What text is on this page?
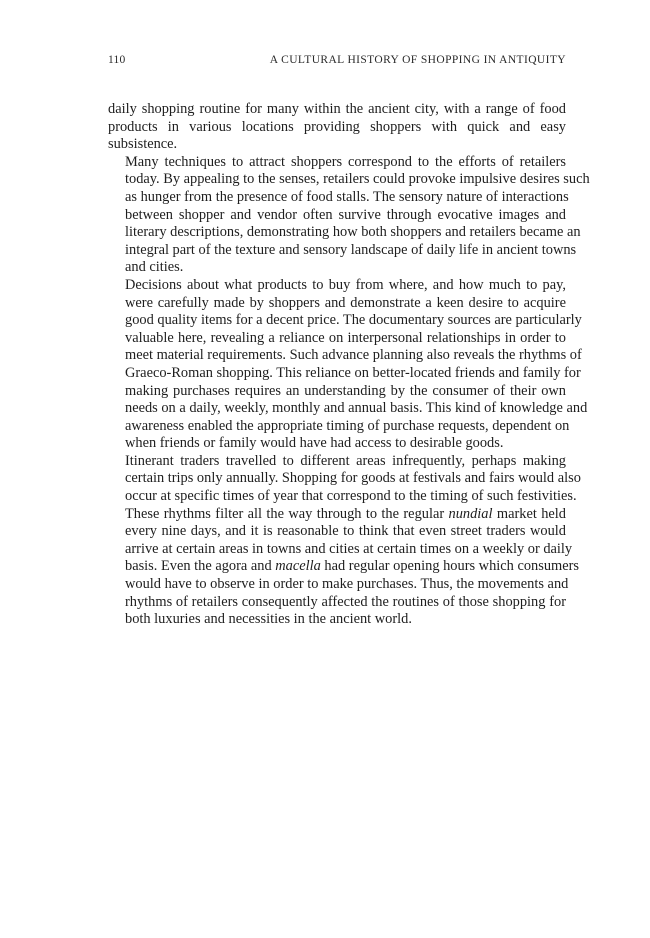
110	A CULTURAL HISTORY OF SHOPPING IN ANTIQUITY

daily shopping routine for many within the ancient city, with a range of food
products in various locations providing shoppers with quick and easy
subsistence.

Many techniques to attract shoppers correspond to the efforts of retailers
today. By appealing to the senses, retailers could provoke impulsive desires such
as hunger from the presence of food stalls. The sensory nature of interactions
between shopper and vendor often survive through evocative images and
literary descriptions, demonstrating how both shoppers and retailers became an
integral part of the texture and sensory landscape of daily life in ancient towns
and cities.

Decisions about what products to buy from where, and how much to pay,
were carefully made by shoppers and demonstrate a keen desire to acquire
good quality items for a decent price. The documentary sources are particularly
valuable here, revealing a reliance on interpersonal relationships in order to
meet material requirements. Such advance planning also reveals the rhythms of
Graeco-Roman shopping. This reliance on better-located friends and family for
making purchases requires an understanding by the consumer of their own
needs on a daily, weekly, monthly and annual basis. This kind of knowledge and
awareness enabled the appropriate timing of purchase requests, dependent on
when friends or family would have had access to desirable goods.

Itinerant traders travelled to different areas infrequently, perhaps making
certain trips only annually. Shopping for goods at festivals and fairs would also
occur at specific times of year that correspond to the timing of such festivities.
These rhythms filter all the way through to the regular nundial market held
every nine days, and it is reasonable to think that even street traders would
arrive at certain areas in towns and cities at certain times on a weekly or daily
basis. Even the agora and macella had regular opening hours which consumers
would have to observe in order to make purchases. Thus, the movements and
rhythms of retailers consequently affected the routines of those shopping for
both luxuries and necessities in the ancient world.
